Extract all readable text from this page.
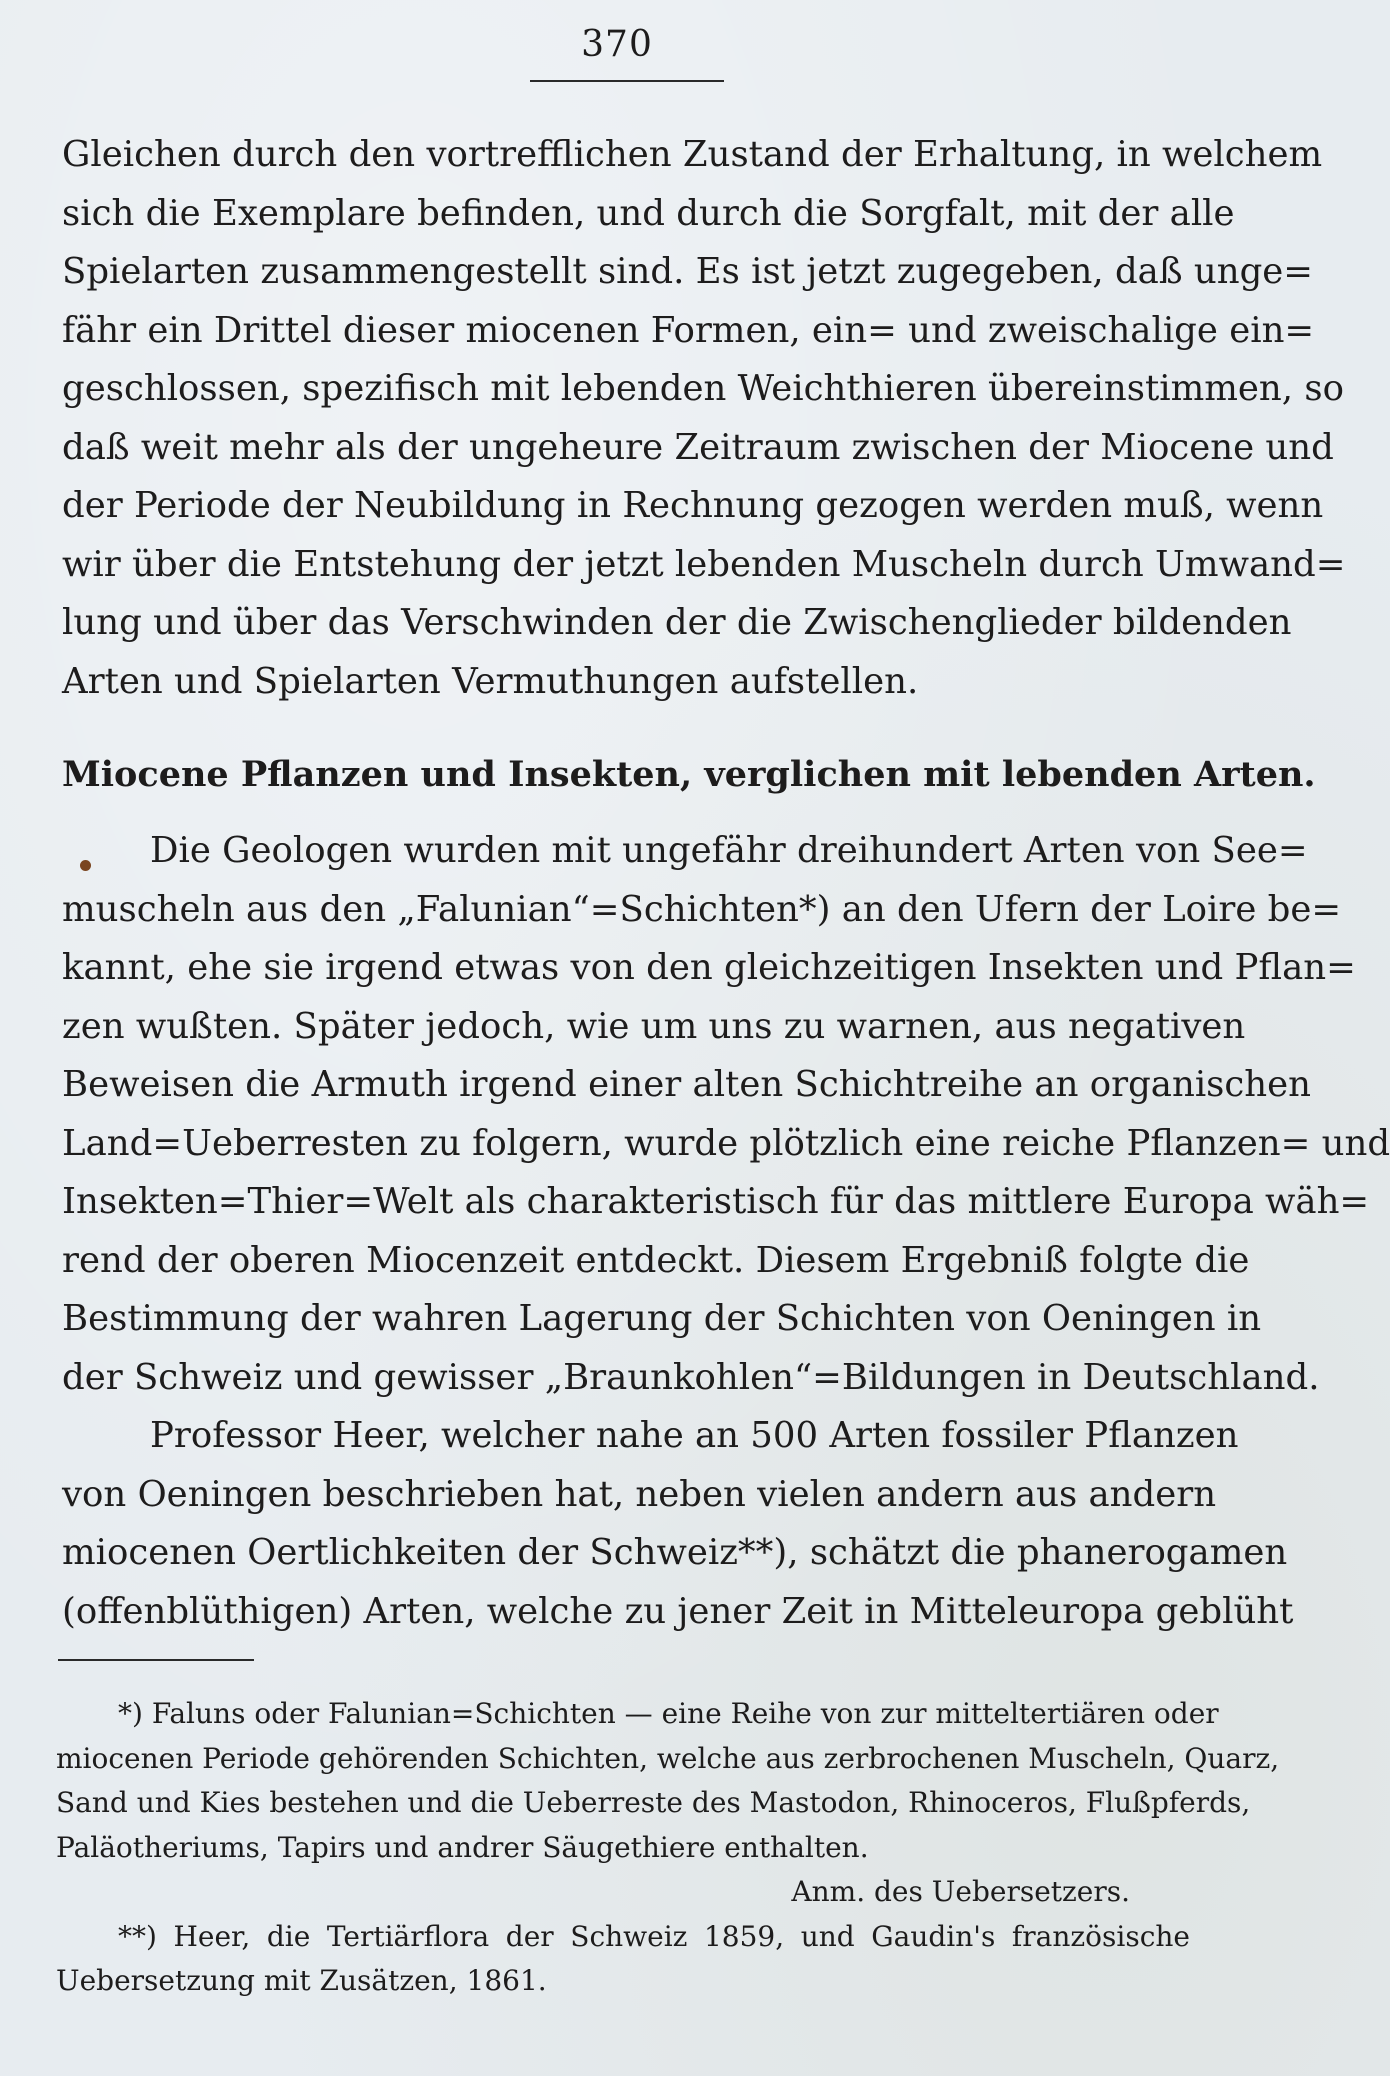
370
Gleichen durch den vortrefflichen Zustand der Erhaltung, in welchem
sich die Exemplare befinden, und durch die Sorgfalt, mit der alle
Spielarten zusammengestellt sind. Es ist jetzt zugegeben, daß unge=
fähr ein Drittel dieser miocenen Formen, ein= und zweischalige ein=
geschlossen, spezifisch mit lebenden Weichthieren übereinstimmen, so
daß weit mehr als der ungeheure Zeitraum zwischen der Miocene und
der Periode der Neubildung in Rechnung gezogen werden muß, wenn
wir über die Entstehung der jetzt lebenden Muscheln durch Umwand=
lung und über das Verschwinden der die Zwischenglieder bildenden
Arten und Spielarten Vermuthungen aufstellen.
Miocene Pflanzen und Insekten, verglichen mit lebenden Arten.
Die Geologen wurden mit ungefähr dreihundert Arten von See=
muscheln aus den „Falunian“=Schichten*) an den Ufern der Loire be=
kannt, ehe sie irgend etwas von den gleichzeitigen Insekten und Pflan=
zen wußten. Später jedoch, wie um uns zu warnen, aus negativen
Beweisen die Armuth irgend einer alten Schichtreihe an organischen
Land=Ueberresten zu folgern, wurde plötzlich eine reiche Pflanzen= und
Insekten=Thier=Welt als charakteristisch für das mittlere Europa wäh=
rend der oberen Miocenzeit entdeckt. Diesem Ergebniß folgte die
Bestimmung der wahren Lagerung der Schichten von Oeningen in
der Schweiz und gewisser „Braunkohlen“=Bildungen in Deutschland.
Professor Heer, welcher nahe an 500 Arten fossiler Pflanzen
von Oeningen beschrieben hat, neben vielen andern aus andern
miocenen Oertlichkeiten der Schweiz**), schätzt die phanerogamen
(offenblüthigen) Arten, welche zu jener Zeit in Mitteleuropa geblüht
*) Faluns oder Falunian=Schichten — eine Reihe von zur mitteltertiären oder
miocenen Periode gehörenden Schichten, welche aus zerbrochenen Muscheln, Quarz,
Sand und Kies bestehen und die Ueberreste des Mastodon, Rhinoceros, Flußpferds,
Paläotheriums, Tapirs und andrer Säugethiere enthalten.
Anm. des Uebersetzers.
**) Heer, die Tertiärflora der Schweiz 1859, und Gaudin's französische
Uebersetzung mit Zusätzen, 1861.
